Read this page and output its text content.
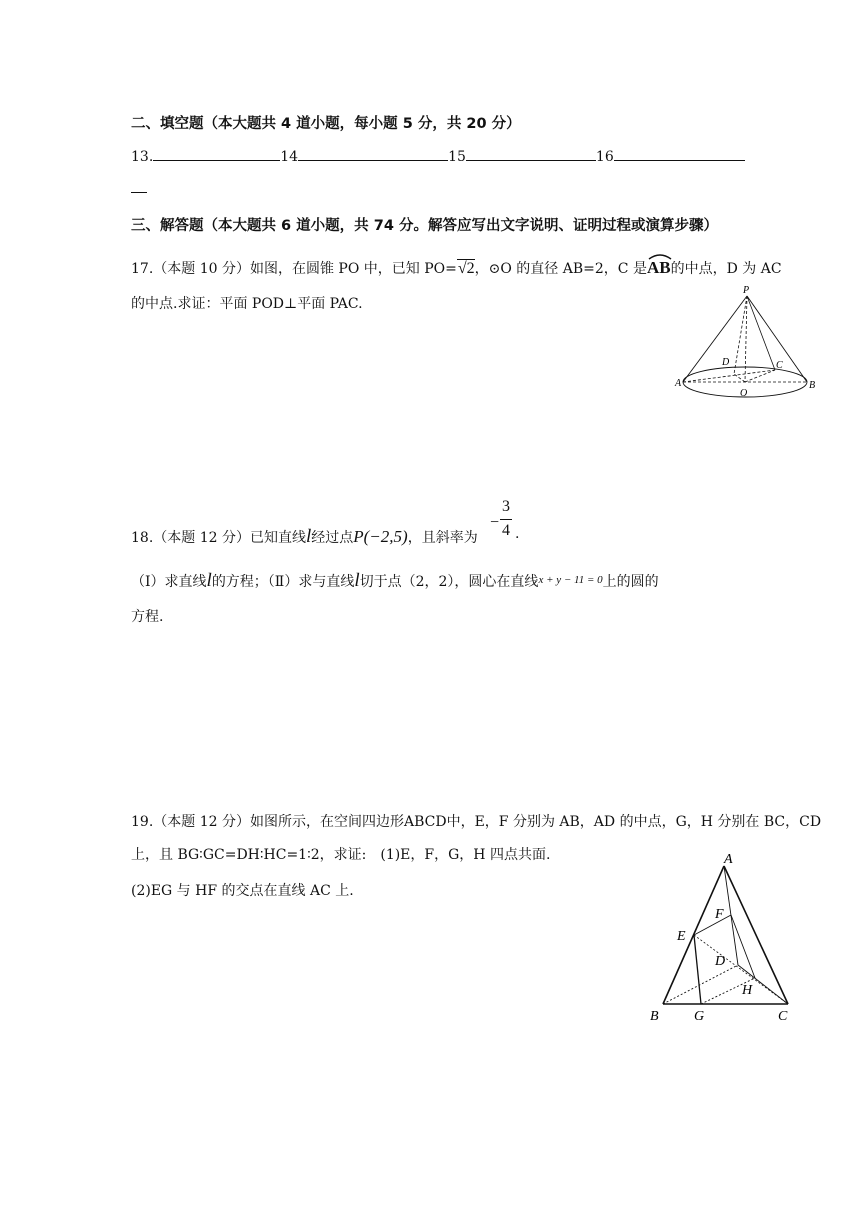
二、填空题（本大题共 4 道小题，每小题 5 分，共 20 分）
13.	14	15	16
三、解答题（本大题共 6 道小题，共 74 分。解答应写出文字说明、证明过程或演算步骤）
17.（本题 10 分）如图，在圆锥 PO 中，已知 PO=√2，⊙O 的直径 AB=2，C 是
AB的中点，D 为 AC
的中点.求证：平面 POD⊥平面 PAC.
P
A	B
C
D
O
18.（本题 12 分）已知直线l经过点P(−2,5)，且斜率为
−
3
4 .
（Ⅰ）求直线l的方程；（Ⅱ）求与直线l切于点（2，2），圆心在直线$^{x + y - 11 = 0}$上的圆的
方程.
19.（本题 12 分）如图所示，在空间四边形ABCD中，E，F 分别为 AB，AD 的中点，G，H 分别在 BC，CD
上，且 BG∶GC=DH∶HC=1∶2，求证:　(1)E，F，G，H 四点共面.
(2)EG 与 HF 的交点在直线 AC 上.
A
B	C
D
E
F
G
H
